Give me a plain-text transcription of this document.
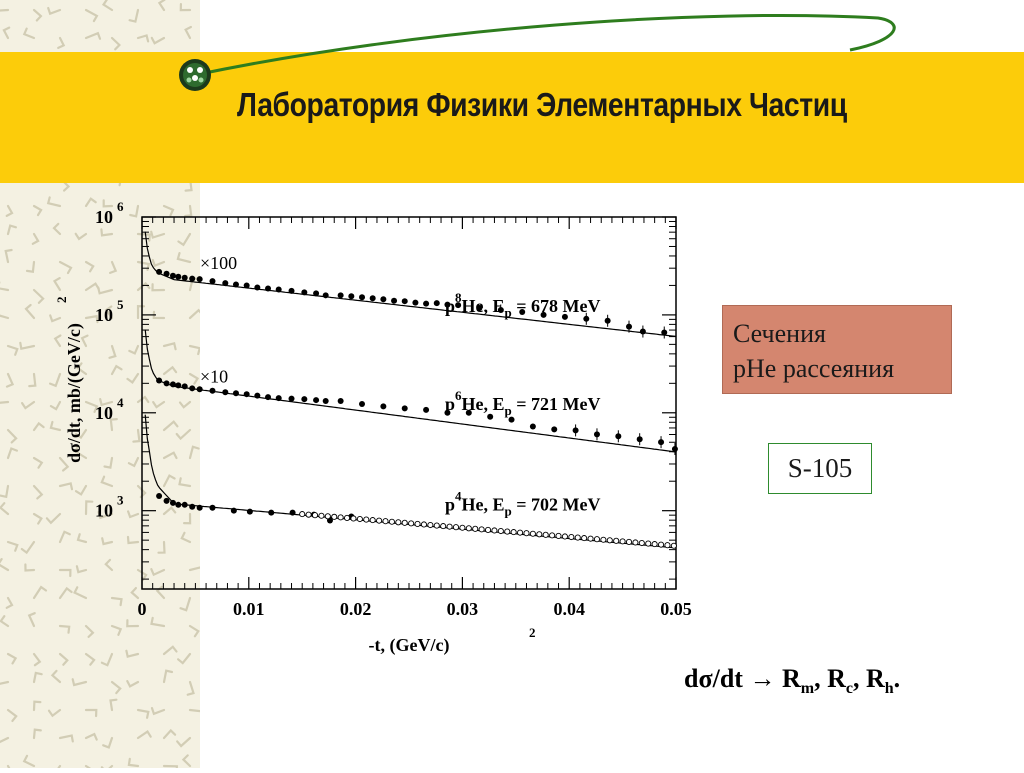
Лаборатория Физики Элементарных Частиц
0	0.01	0.02	0.03	0.04	0.05
-t, (GeV/c)
2
10
3
10
4
10
5
10
6
dσ/dt, mb/(GeV/c)
2	$p^8He$, $E_p = 678$ MeV
×100
$p^6He$, $E_p = 721$ MeV
×10
$p^4He$, $E_p = 702$ MeV
Сечения
pHe рассеяния
S-105
$d\sigma/dt \to R_m$, $R_c$, $R_h$.
